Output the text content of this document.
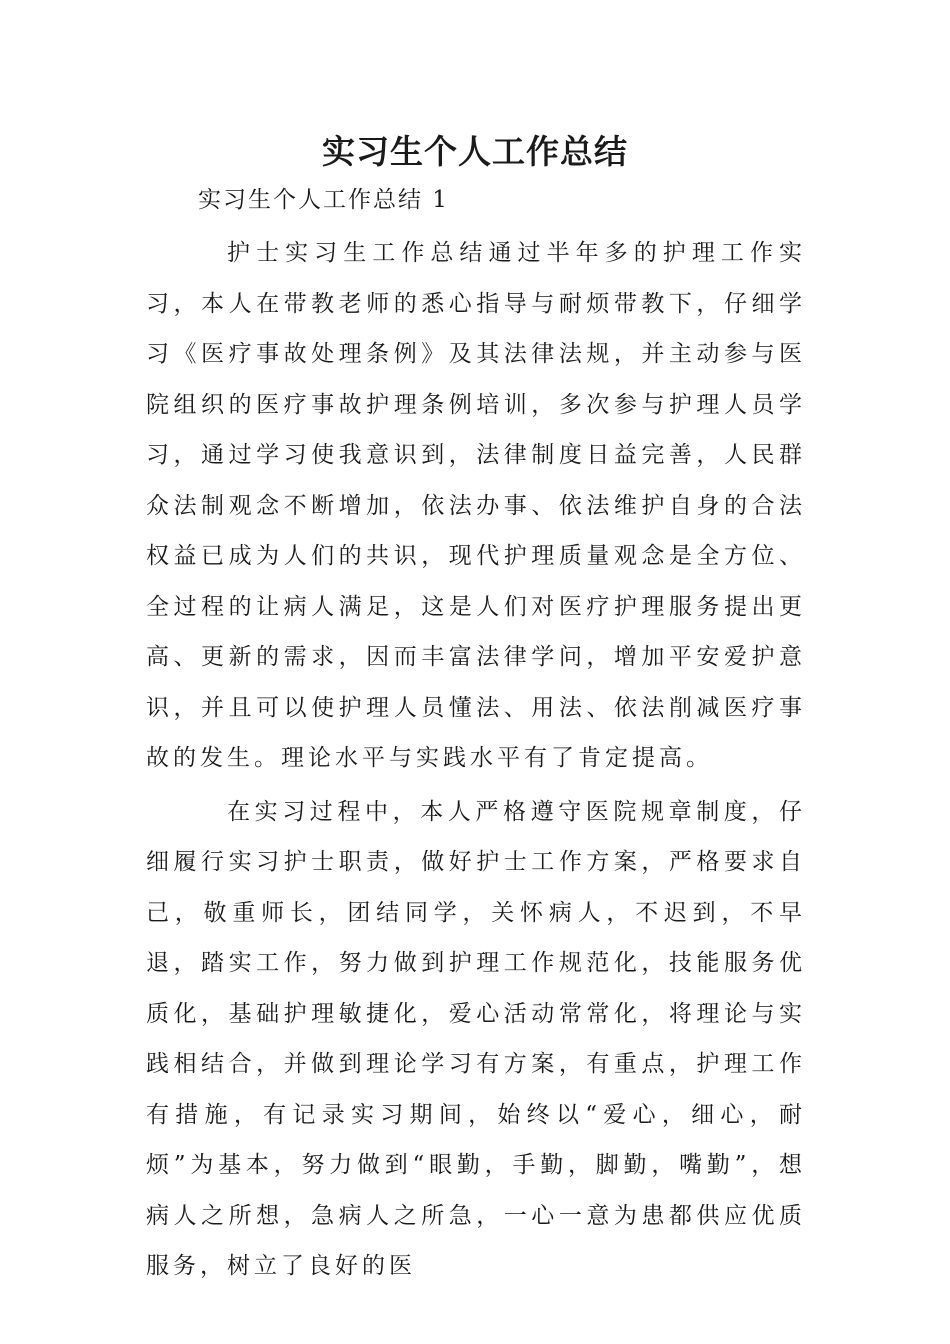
实习生个人工作总结

实习生个人工作总结 1

护士实习生工作总结通过半年多的护理工作实习，本人在带教老师的悉心指导与耐烦带教下，仔细学习《医疗事故处理条例》及其法律法规，并主动参与医院组织的医疗事故护理条例培训，多次参与护理人员学习，通过学习使我意识到，法律制度日益完善，人民群众法制观念不断增加，依法办事、依法维护自身的合法权益已成为人们的共识，现代护理质量观念是全方位、全过程的让病人满足，这是人们对医疗护理服务提出更高、更新的需求，因而丰富法律学问，增加平安爱护意识，并且可以使护理人员懂法、用法、依法削减医疗事故的发生。理论水平与实践水平有了肯定提高。

在实习过程中，本人严格遵守医院规章制度，仔细履行实习护士职责，做好护士工作方案，严格要求自己，敬重师长，团结同学，关怀病人，不迟到，不早退，踏实工作，努力做到护理工作规范化，技能服务优质化，基础护理敏捷化，爱心活动常常化，将理论与实践相结合，并做到理论学习有方案，有重点，护理工作有措施，有记录实习期间，始终以“爱心，细心，耐烦”为基本，努力做到“眼勤，手勤，脚勤，嘴勤”，想病人之所想，急病人之所急，一心一意为患都供应优质服务，树立了良好的医
